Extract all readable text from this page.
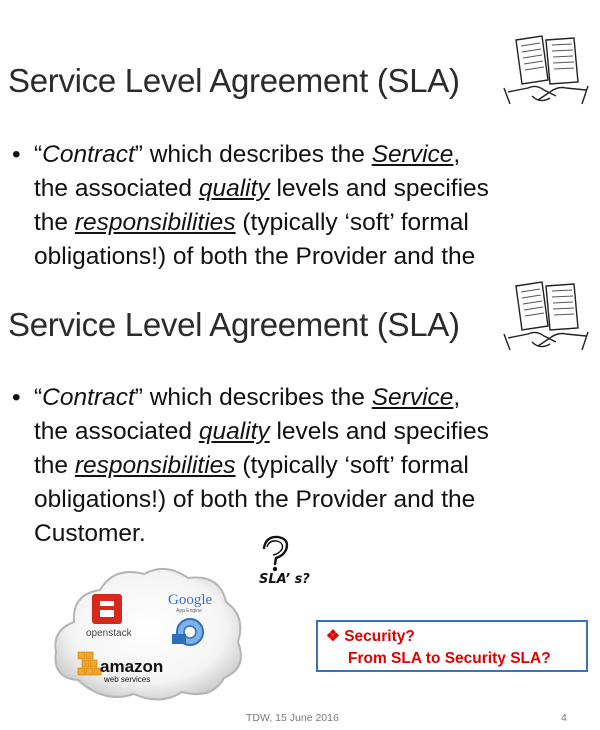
Service Level Agreement (SLA)
• “Contract” which describes the Service,
the associated quality levels and specifies
the responsibilities (typically ‘soft’ formal
obligations!) of both the Provider and the
Service Level Agreement (SLA)
• “Contract” which describes the Service,
the associated quality levels and specifies
the responsibilities (typically ‘soft’ formal
obligations!) of both the Provider and the
Customer.
SLA’ s?
openstack
Google
App Engine
amazon
web services
❖ Security?
From SLA to Security SLA?
TDW, 15 June 2016	4
